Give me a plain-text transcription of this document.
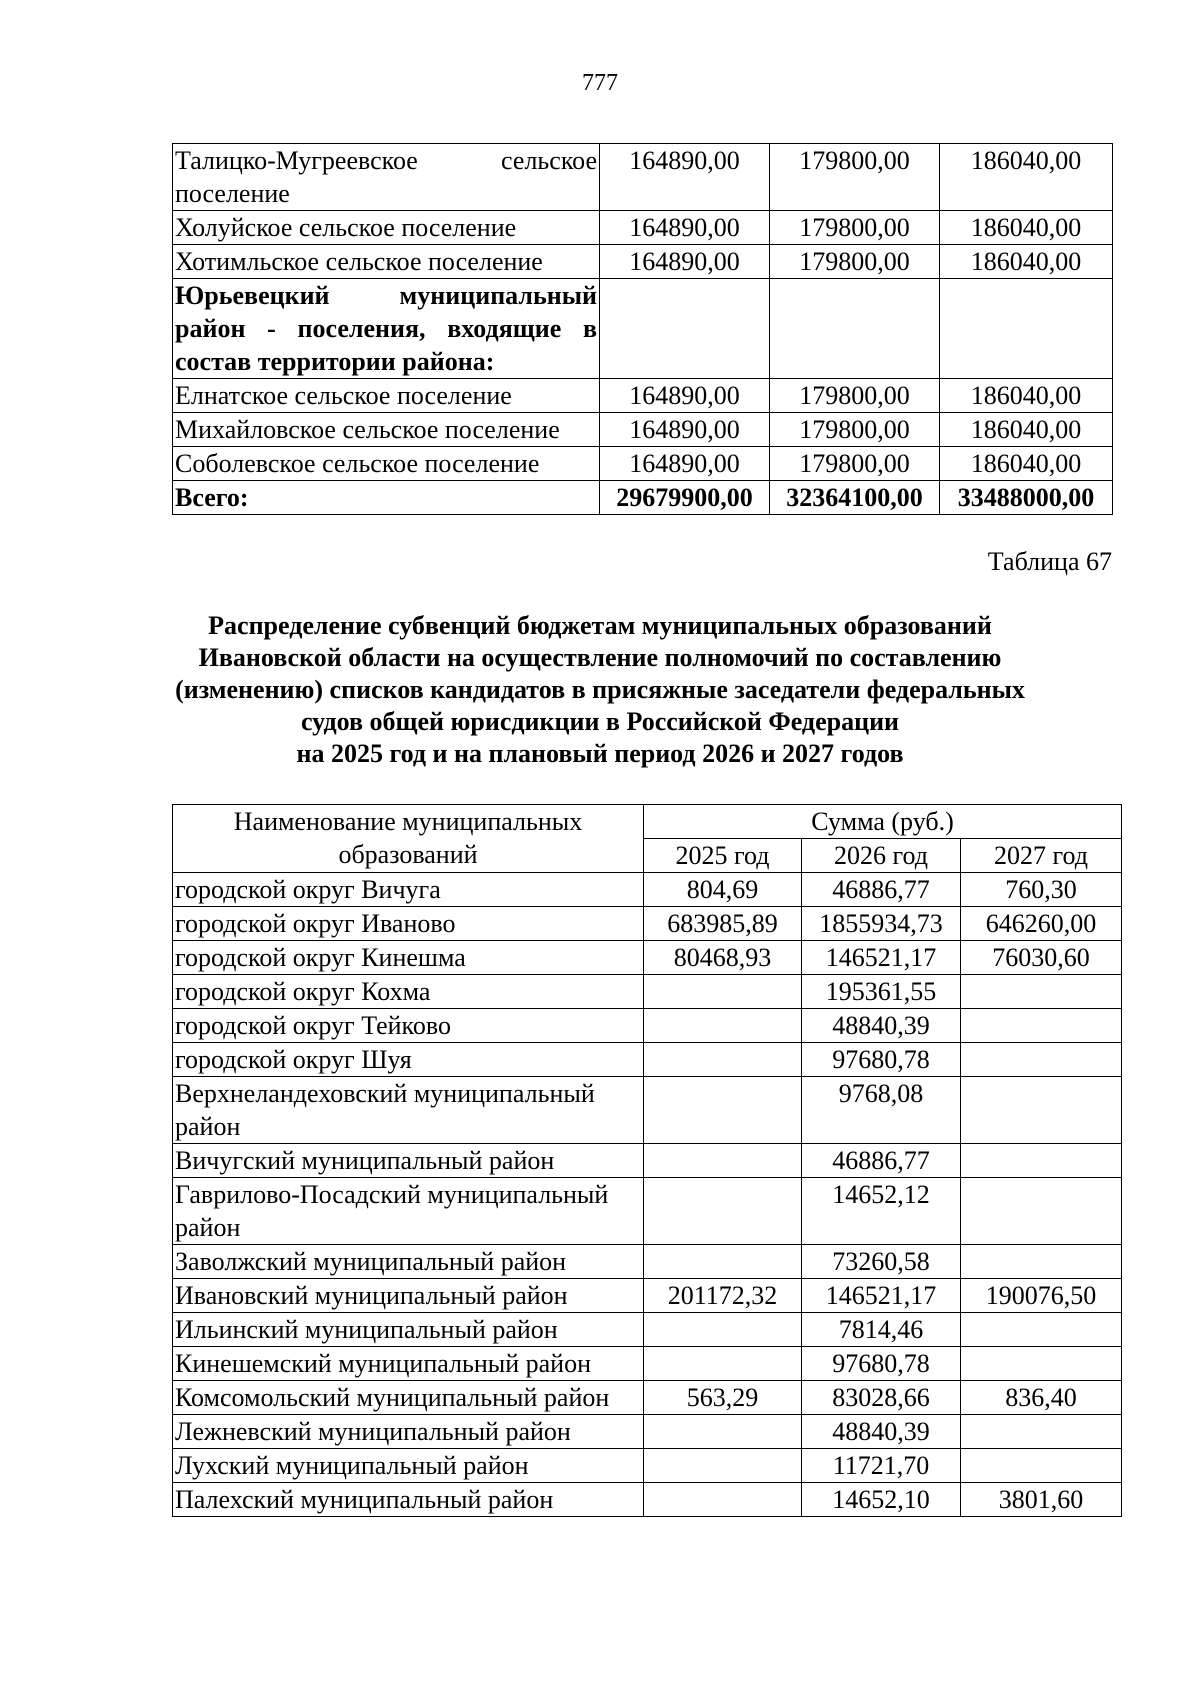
777
Талицко-Мугреевское сельское поселение	164890,00	179800,00	186040,00
Холуйское сельское поселение	164890,00	179800,00	186040,00
Хотимльское сельское поселение	164890,00	179800,00	186040,00
Юрьевецкий муниципальный район - поселения, входящие в состав территории района:			
Елнатское сельское поселение	164890,00	179800,00	186040,00
Михайловское сельское поселение	164890,00	179800,00	186040,00
Соболевское сельское поселение	164890,00	179800,00	186040,00
Всего:	29679900,00	32364100,00	33488000,00
Таблица 67
Распределение субвенций бюджетам муниципальных образований
Ивановской области на осуществление полномочий по составлению
(изменению) списков кандидатов в присяжные заседатели федеральных
судов общей юрисдикции в Российской Федерации
на 2025 год и на плановый период 2026 и 2027 годов
Наименование муниципальных образований	Сумма (руб.)		
	2025 год	2026 год	2027 год
городской округ Вичуга	804,69	46886,77	760,30
городской округ Иваново	683985,89	1855934,73	646260,00
городской округ Кинешма	80468,93	146521,17	76030,60
городской округ Кохма		195361,55	
городской округ Тейково		48840,39	
городской округ Шуя		97680,78	
Верхнеландеховский муниципальный район		9768,08	
Вичугский муниципальный район		46886,77	
Гаврилово-Посадский муниципальный район		14652,12	
Заволжский муниципальный район		73260,58	
Ивановский муниципальный район	201172,32	146521,17	190076,50
Ильинский муниципальный район		7814,46	
Кинешемский муниципальный район		97680,78	
Комсомольский муниципальный район	563,29	83028,66	836,40
Лежневский муниципальный район		48840,39	
Лухский муниципальный район		11721,70	
Палехский муниципальный район		14652,10	3801,60
